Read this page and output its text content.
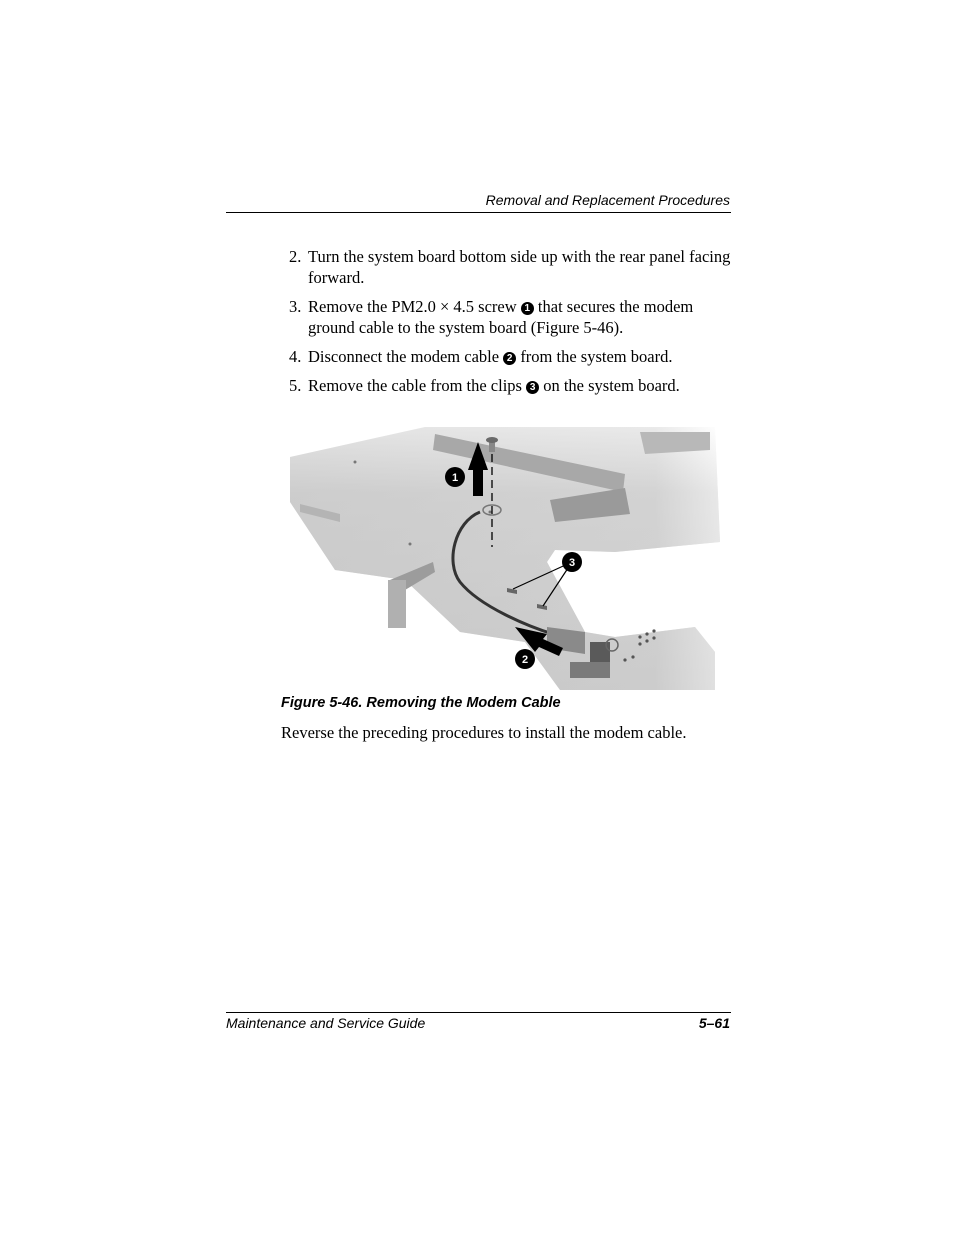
Removal and Replacement Procedures
2. Turn the system board bottom side up with the rear panel facing forward.
3. Remove the PM2.0 × 4.5 screw 1 that secures the modem ground cable to the system board (Figure 5-46).
4. Disconnect the modem cable 2 from the system board.
5. Remove the cable from the clips 3 on the system board.
1
2
3
Figure 5-46. Removing the Modem Cable
Reverse the preceding procedures to install the modem cable.
Maintenance and Service Guide	5–61
